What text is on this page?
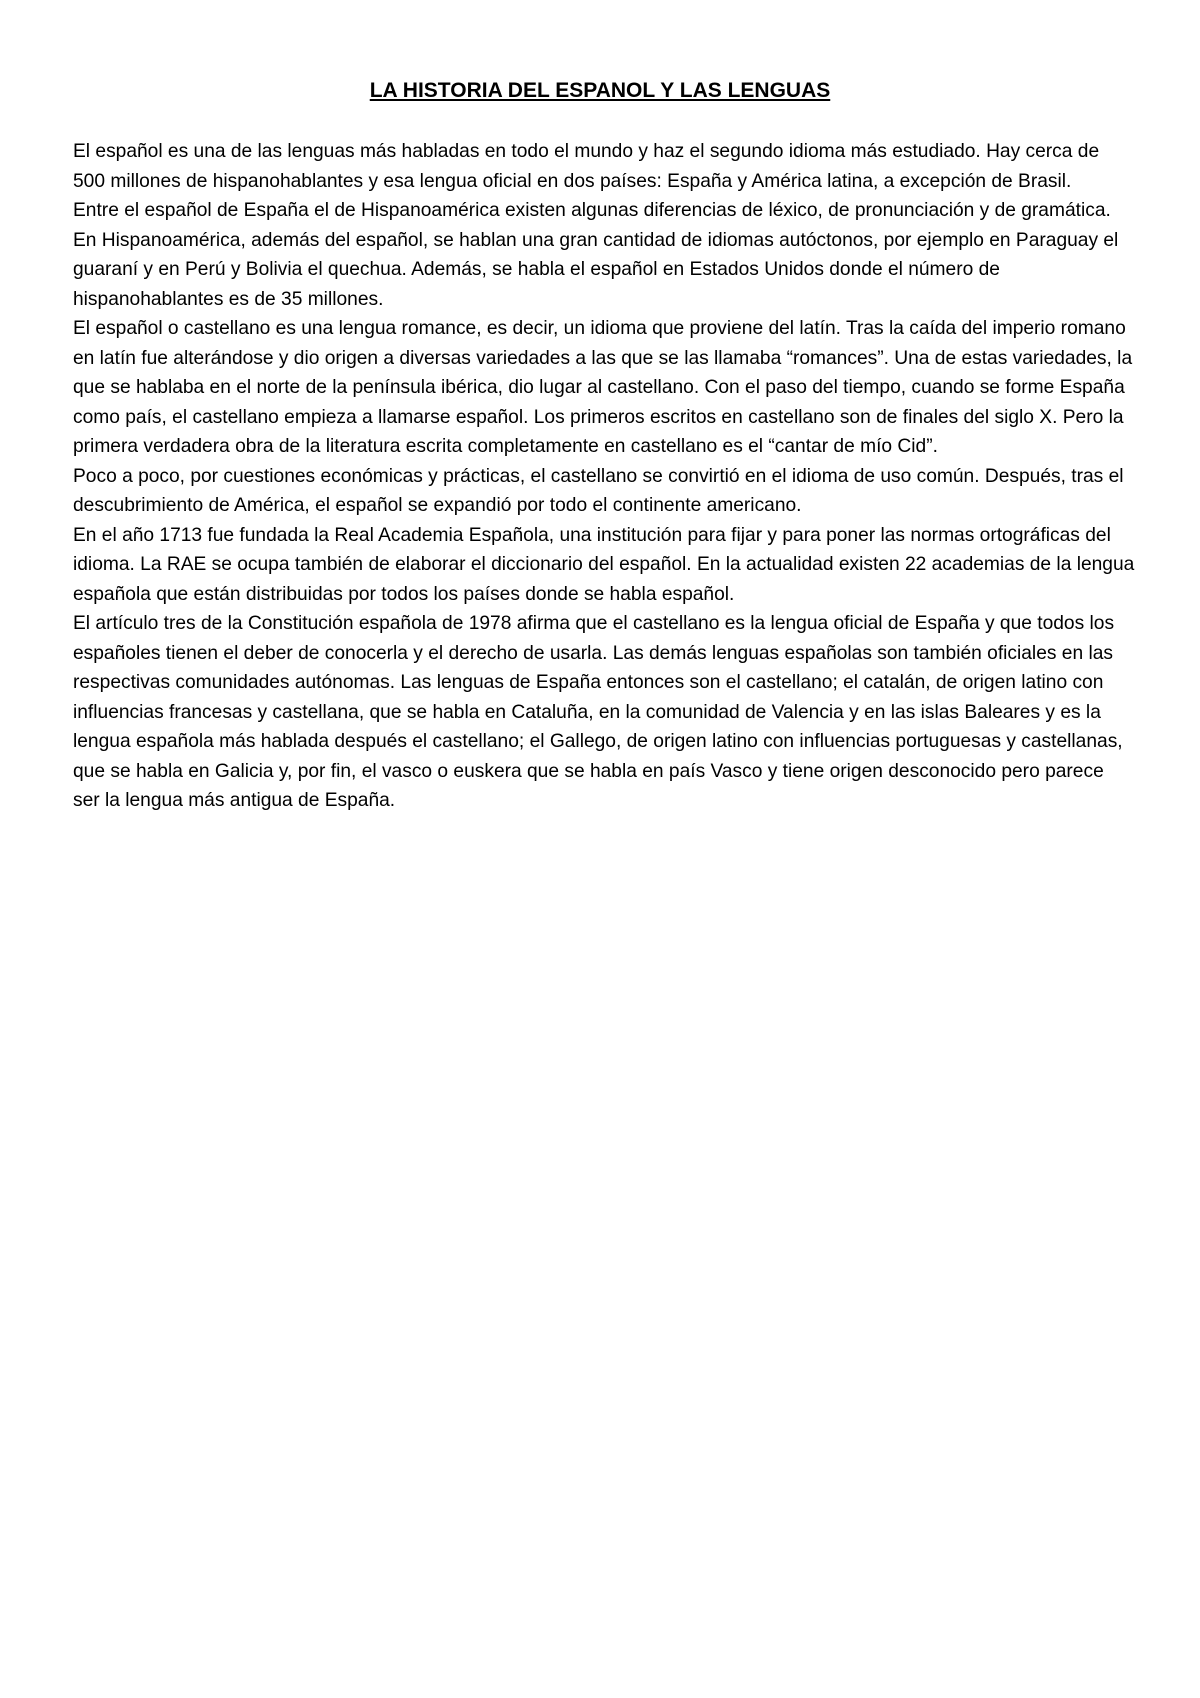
LA HISTORIA DEL ESPANOL Y LAS LENGUAS

El español es una de las lenguas más habladas en todo el mundo y haz el segundo idioma más estudiado. Hay cerca de 500 millones de hispanohablantes y esa lengua oficial en dos países: España y América latina, a excepción de Brasil.

Entre el español de España el de Hispanoamérica existen algunas diferencias de léxico, de pronunciación y de gramática. En Hispanoamérica, además del español, se hablan una gran cantidad de idiomas autóctonos, por ejemplo en Paraguay el guaraní y en Perú y Bolivia el quechua. Además, se habla el español en Estados Unidos donde el número de hispanohablantes es de 35 millones.

El español o castellano es una lengua romance, es decir, un idioma que proviene del latín. Tras la caída del imperio romano en latín fue alterándose y dio origen a diversas variedades a las que se las llamaba “romances”. Una de estas variedades, la que se hablaba en el norte de la península ibérica, dio lugar al castellano. Con el paso del tiempo, cuando se forme España como país, el castellano empieza a llamarse español. Los primeros escritos en castellano son de finales del siglo X. Pero la primera verdadera obra de la literatura escrita completamente en castellano es el “cantar de mío Cid”.

Poco a poco, por cuestiones económicas y prácticas, el castellano se convirtió en el idioma de uso común. Después, tras el descubrimiento de América, el español se expandió por todo el continente americano.

En el año 1713 fue fundada la Real Academia Española, una institución para fijar y para poner las normas ortográficas del idioma. La RAE se ocupa también de elaborar el diccionario del español. En la actualidad existen 22 academias de la lengua española que están distribuidas por todos los países donde se habla español.

El artículo tres de la Constitución española de 1978 afirma que el castellano es la lengua oficial de España y que todos los españoles tienen el deber de conocerla y el derecho de usarla. Las demás lenguas españolas son también oficiales en las respectivas comunidades autónomas. Las lenguas de España entonces son el castellano; el catalán, de origen latino con influencias francesas y castellana, que se habla en Cataluña, en la comunidad de Valencia y en las islas Baleares y es la lengua española más hablada después el castellano; el Gallego, de origen latino con influencias portuguesas y castellanas, que se habla en Galicia y, por fin, el vasco o euskera que se habla en país Vasco y tiene origen desconocido pero parece ser la lengua más antigua de España.
